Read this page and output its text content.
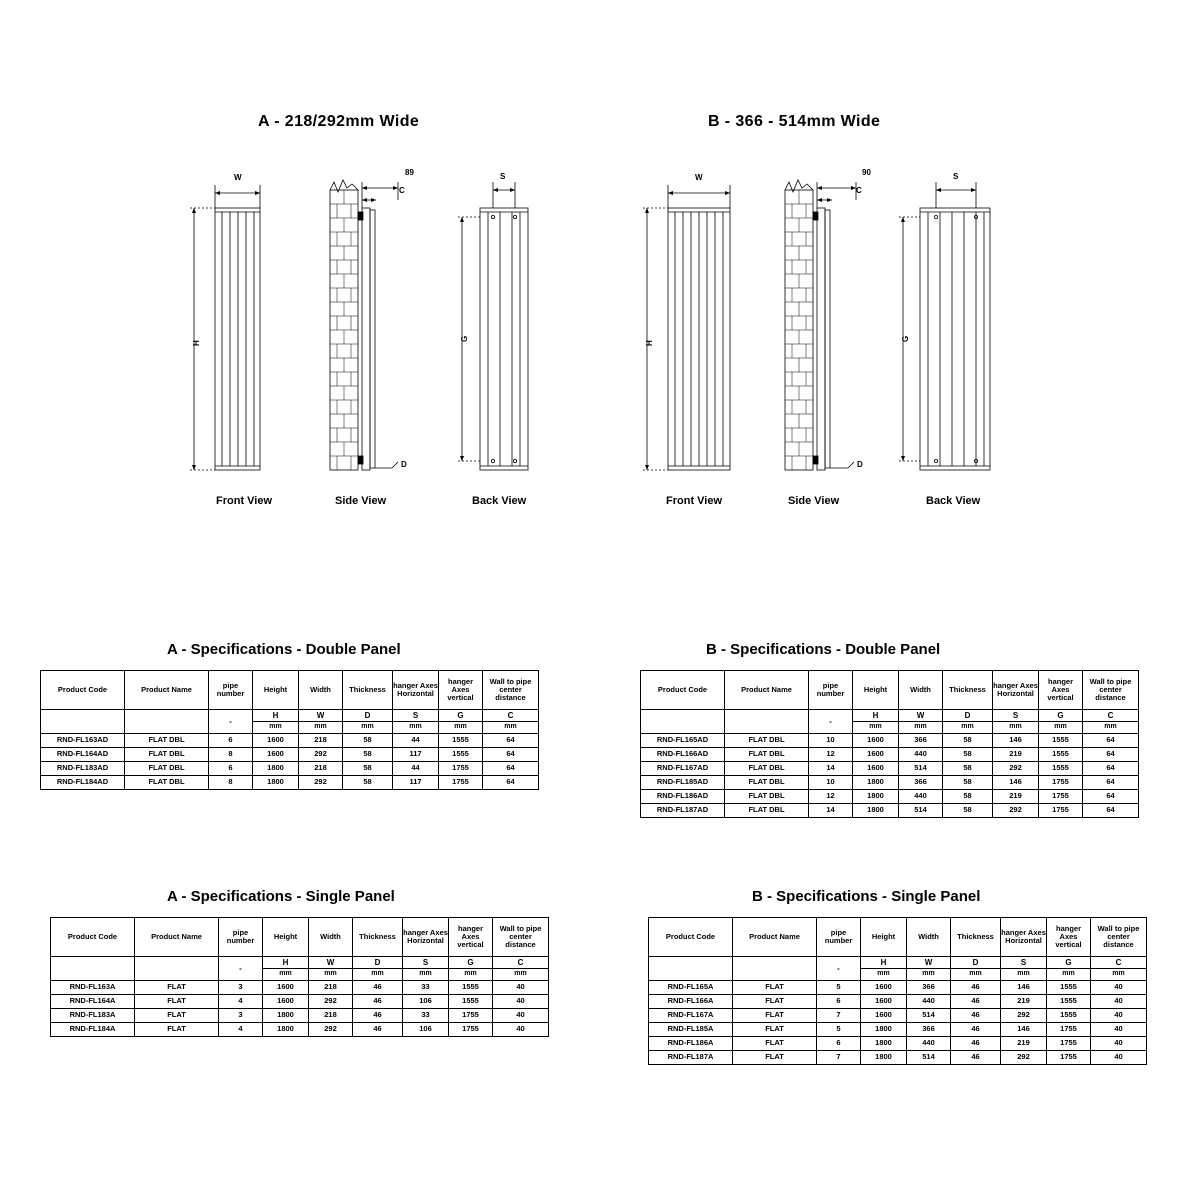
A - 218/292mm Wide	B - 366 - 514mm Wide
W
H
89
C
D
S
G
Front View	Side View	Back View
W
H
90
C
D
S
G
Front View	Side View	Back View
A - Specifications - Double Panel	B - Specifications - Double Panel
A - Specifications - Single Panel	B - Specifications - Single Panel
Product Code	Product Name	pipe number	Height	Width	Thickness	hanger Axes Horizontal	hanger Axes vertical	Wall to pipe center distance
		-	H	W	D	S	G	C
			mm	mm	mm	mm	mm	mm
RND-FL163AD	FLAT DBL	6	1600	218	58	44	1555	64
RND-FL164AD	FLAT DBL	8	1600	292	58	117	1555	64
RND-FL183AD	FLAT DBL	6	1800	218	58	44	1755	64
RND-FL184AD	FLAT DBL	8	1800	292	58	117	1755	64
Product Code	Product Name	pipe number	Height	Width	Thickness	hanger Axes Horizontal	hanger Axes vertical	Wall to pipe center distance
		-	H	W	D	S	G	C
			mm	mm	mm	mm	mm	mm
RND-FL165AD	FLAT DBL	10	1600	366	58	146	1555	64
RND-FL166AD	FLAT DBL	12	1600	440	58	219	1555	64
RND-FL167AD	FLAT DBL	14	1600	514	58	292	1555	64
RND-FL185AD	FLAT DBL	10	1800	366	58	146	1755	64
RND-FL186AD	FLAT DBL	12	1800	440	58	219	1755	64
RND-FL187AD	FLAT DBL	14	1800	514	58	292	1755	64
Product Code	Product Name	pipe number	Height	Width	Thickness	hanger Axes Horizontal	hanger Axes vertical	Wall to pipe center distance
		-	H	W	D	S	G	C
			mm	mm	mm	mm	mm	mm
RND-FL163A	FLAT	3	1600	218	46	33	1555	40
RND-FL164A	FLAT	4	1600	292	46	106	1555	40
RND-FL183A	FLAT	3	1800	218	46	33	1755	40
RND-FL184A	FLAT	4	1800	292	46	106	1755	40
Product Code	Product Name	pipe number	Height	Width	Thickness	hanger Axes Horizontal	hanger Axes vertical	Wall to pipe center distance
		-	H	W	D	S	G	C
			mm	mm	mm	mm	mm	mm
RND-FL165A	FLAT	5	1600	366	46	146	1555	40
RND-FL166A	FLAT	6	1600	440	46	219	1555	40
RND-FL167A	FLAT	7	1600	514	46	292	1555	40
RND-FL185A	FLAT	5	1800	366	46	146	1755	40
RND-FL186A	FLAT	6	1800	440	46	219	1755	40
RND-FL187A	FLAT	7	1800	514	46	292	1755	40
